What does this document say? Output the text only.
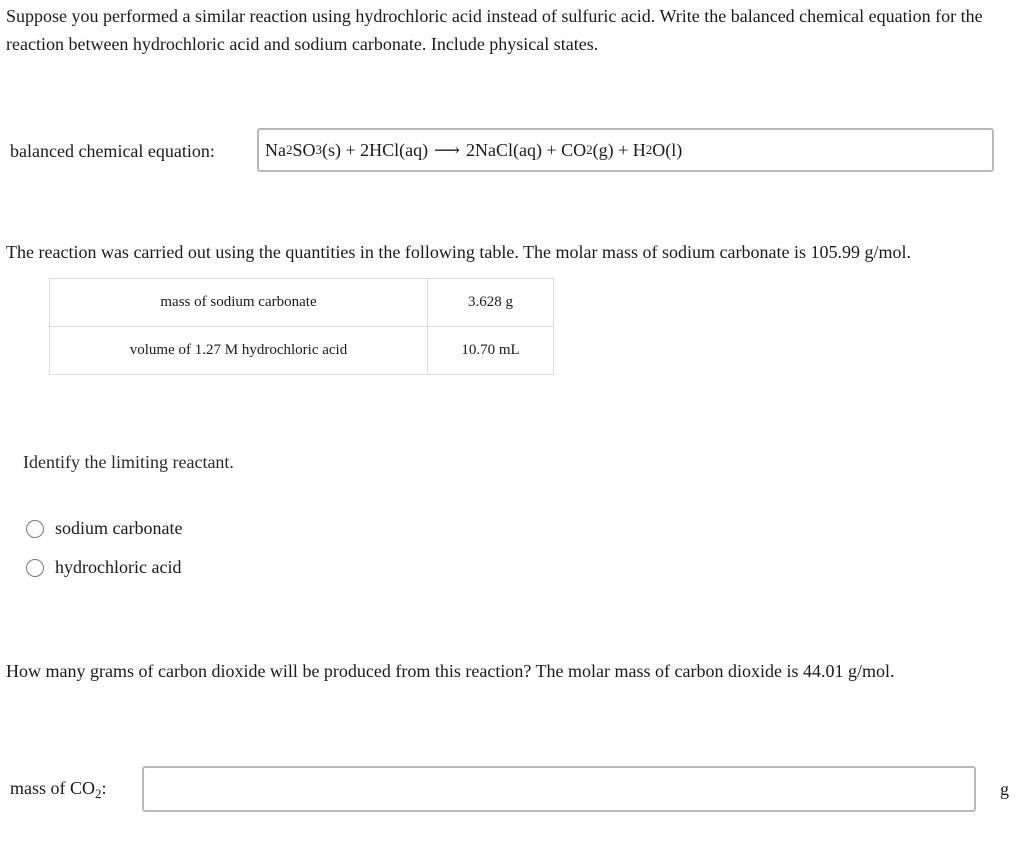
Suppose you performed a similar reaction using hydrochloric acid instead of sulfuric acid. Write the balanced chemical equation for the reaction between hydrochloric acid and sodium carbonate. Include physical states.
balanced chemical equation:	Na 2 SO 3 (s) + 2HCl(aq) ⟶ 2NaCl(aq) + CO 2 (g) + H 2 O(l)
The reaction was carried out using the quantities in the following table. The molar mass of sodium carbonate is 105.99 g/mol.
mass of sodium carbonate	3.628 g
volume of 1.27 M hydrochloric acid	10.70 mL
Identify the limiting reactant.
sodium carbonate
hydrochloric acid
How many grams of carbon dioxide will be produced from this reaction? The molar mass of carbon dioxide is 44.01 g/mol.
mass of $CO_2$:	g
